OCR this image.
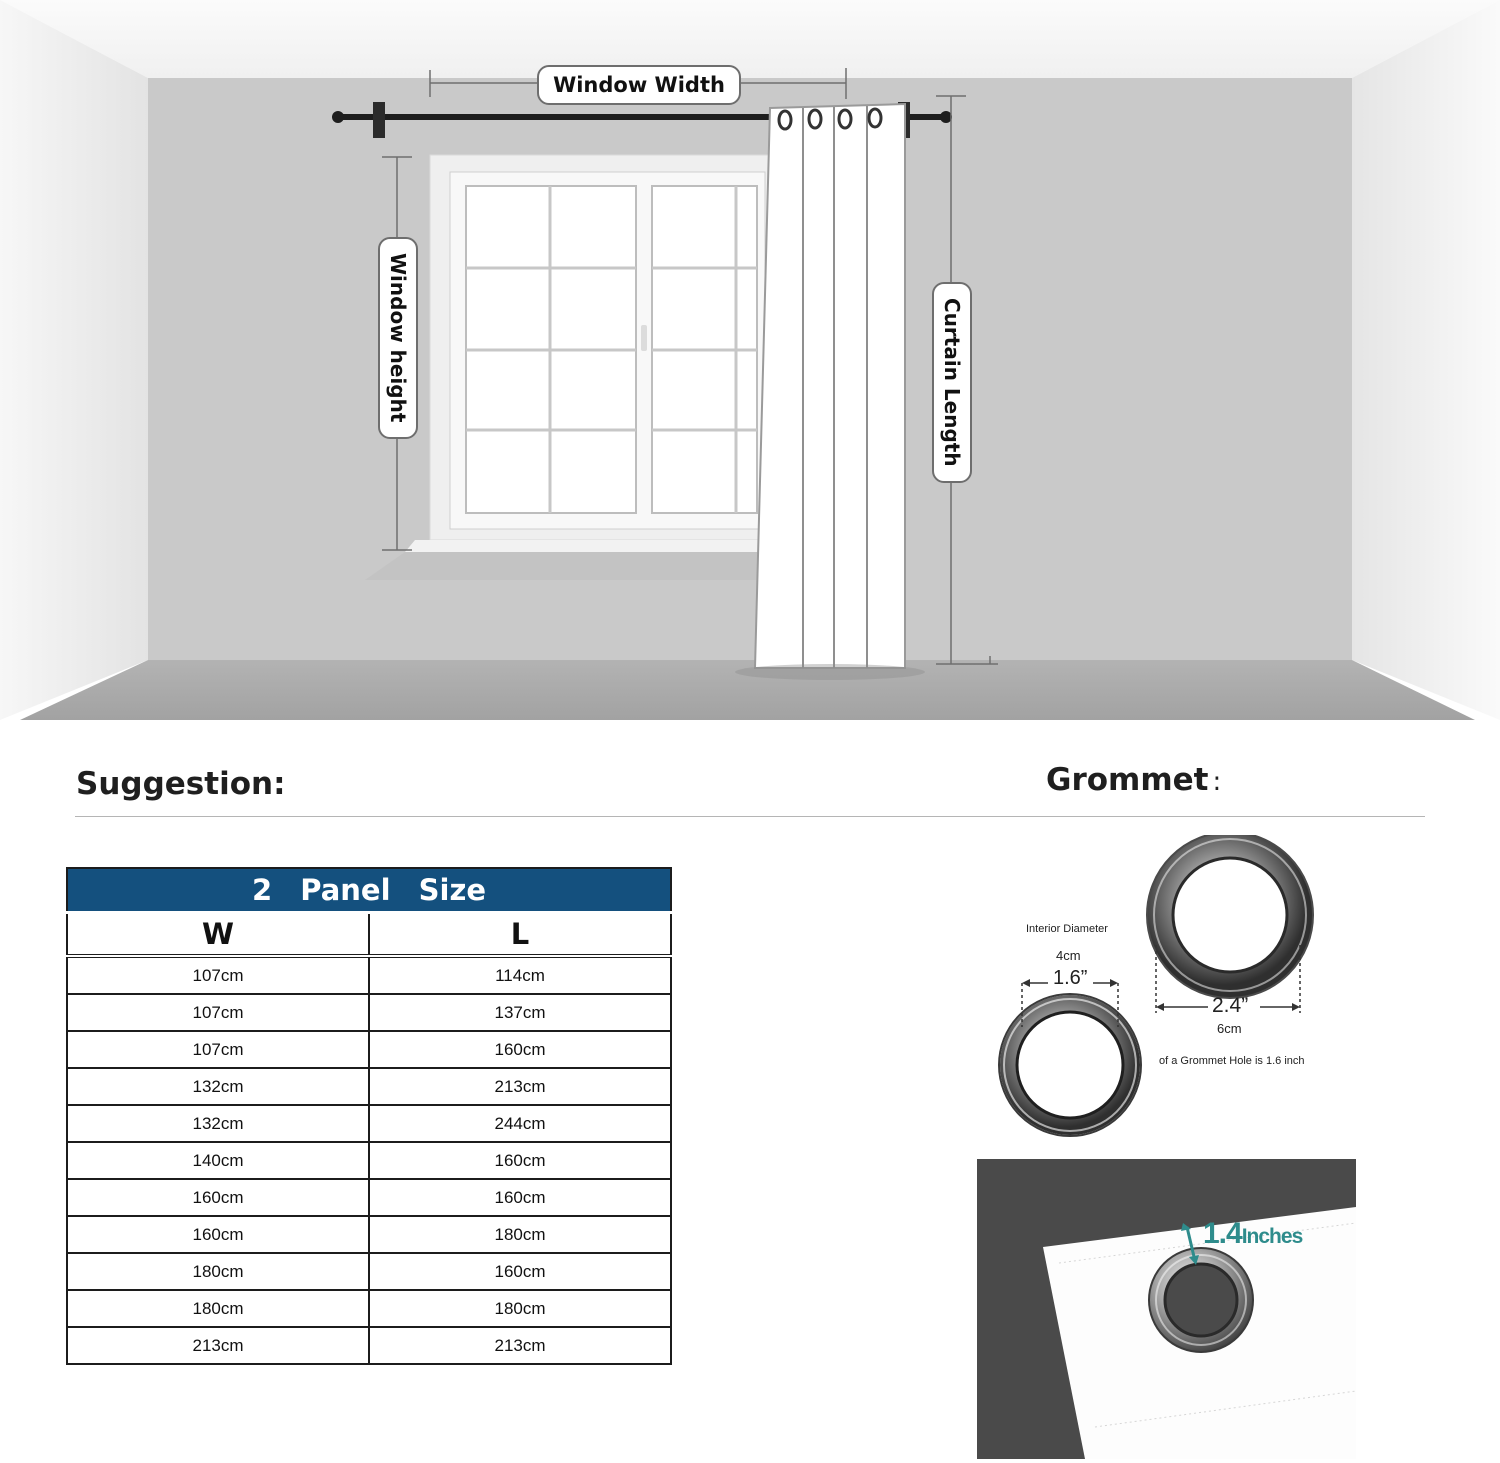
Window Width
Window height	Curtain Length
Suggestion:	Grommet :
2 Panel Size	
W	L
107cm	114cm
107cm	137cm
107cm	160cm
132cm	213cm
132cm	244cm
140cm	160cm
160cm	160cm
160cm	180cm
180cm	160cm
180cm	180cm
213cm	213cm
Interior Diameter
4cm
1.6”
2.4”
6cm
of a Grommet Hole is 1.6 inch
1.4Inches
